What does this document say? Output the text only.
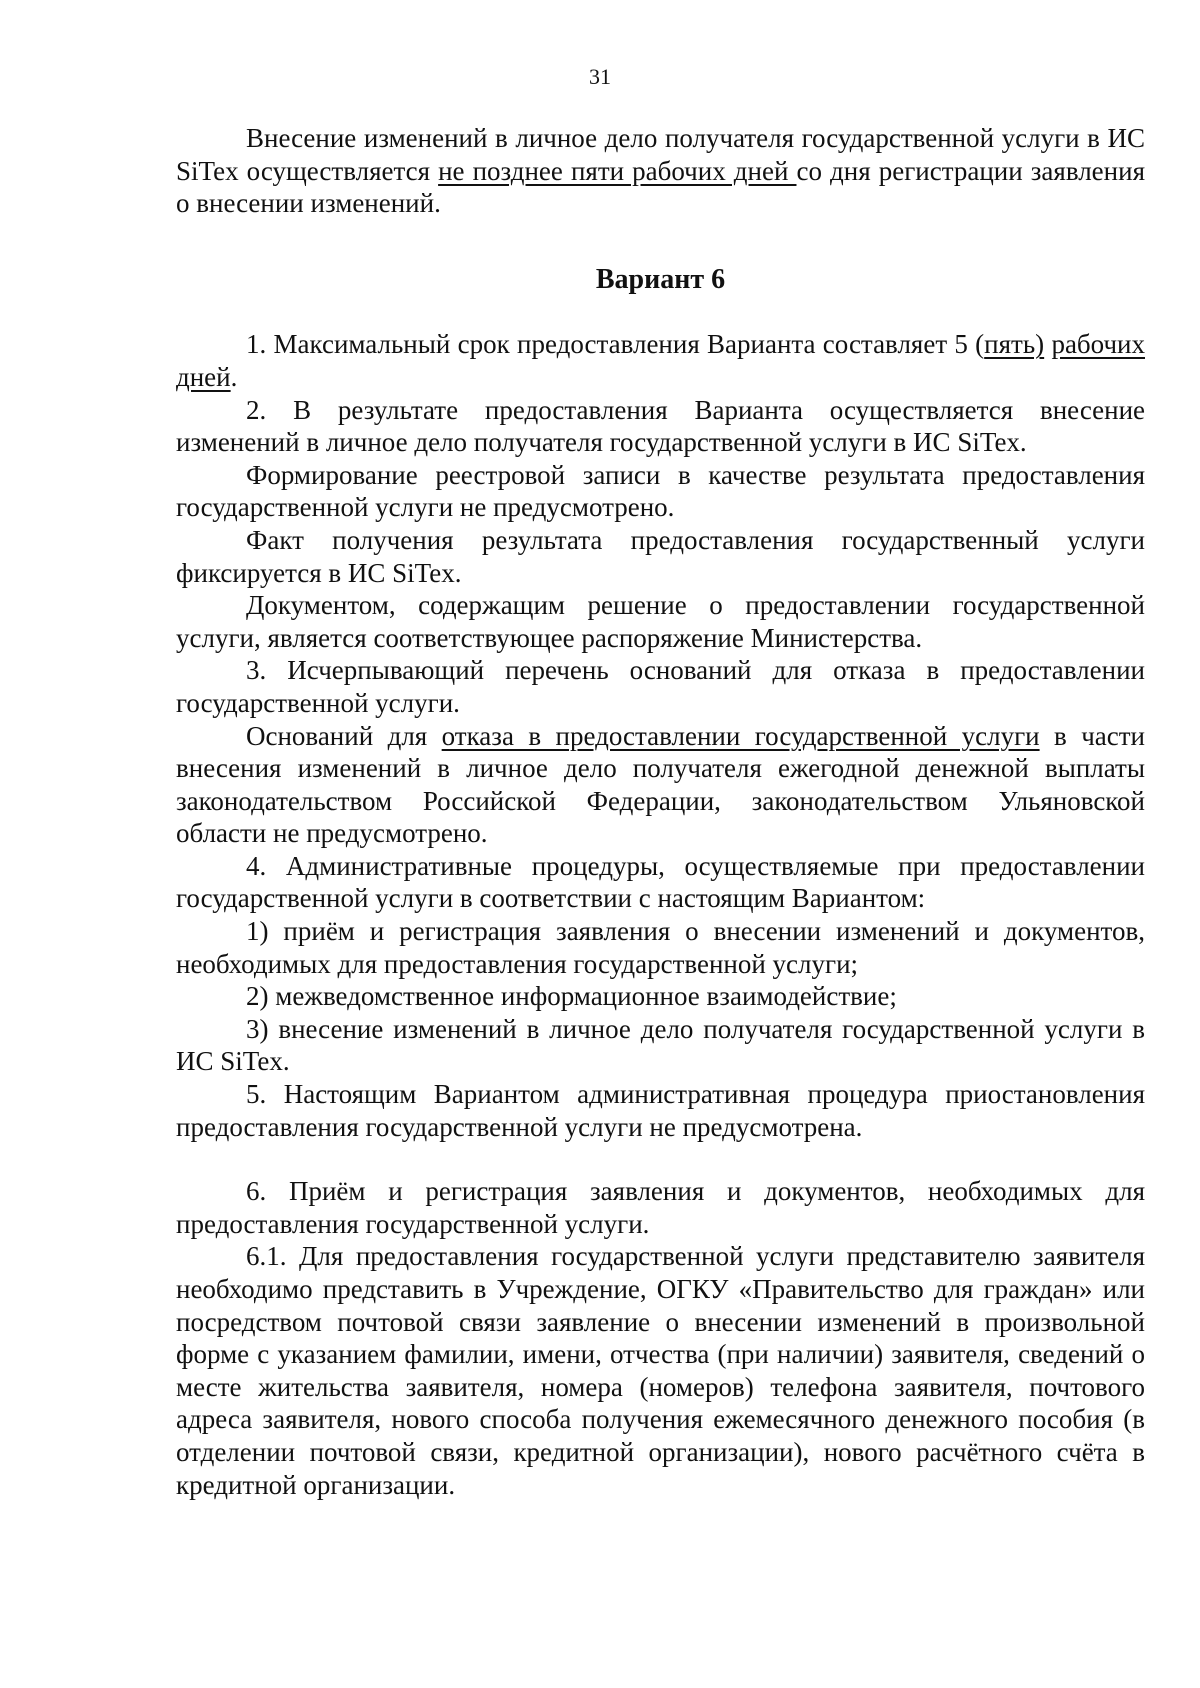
31

Внесение изменений в личное дело получателя государственной услуги в ИС SiTex осуществляется не позднее пяти рабочих дней со дня регистрации заявления о внесении изменений.

Вариант 6

1. Максимальный срок предоставления Варианта составляет 5 (пять) рабочих дней.

2. В результате предоставления Варианта осуществляется внесение изменений в личное дело получателя государственной услуги в ИС SiTex.

Формирование реестровой записи в качестве результата предоставления государственной услуги не предусмотрено.

Факт получения результата предоставления государственный услуги фиксируется в ИС SiTex.

Документом, содержащим решение о предоставлении государственной услуги, является соответствующее распоряжение Министерства.

3. Исчерпывающий перечень оснований для отказа в предоставлении государственной услуги.

Оснований для отказа в предоставлении государственной услуги в части внесения изменений в личное дело получателя ежегодной денежной выплаты законодательством Российской Федерации, законодательством Ульяновской области не предусмотрено.

4. Административные процедуры, осуществляемые при предоставлении государственной услуги в соответствии с настоящим Вариантом:

1) приём и регистрация заявления о внесении изменений и документов, необходимых для предоставления государственной услуги;

2) межведомственное информационное взаимодействие;

3) внесение изменений в личное дело получателя государственной услуги в ИС SiTex.

5. Настоящим Вариантом административная процедура приостановления предоставления государственной услуги не предусмотрена.

6. Приём и регистрация заявления и документов, необходимых для предоставления государственной услуги.

6.1. Для предоставления государственной услуги представителю заявителя необходимо представить в Учреждение, ОГКУ «Правительство для граждан» или посредством почтовой связи заявление о внесении изменений в произвольной форме с указанием фамилии, имени, отчества (при наличии) заявителя, сведений о месте жительства заявителя, номера (номеров) телефона заявителя, почтового адреса заявителя, нового способа получения ежемесячного денежного пособия (в отделении почтовой связи, кредитной организации), нового расчётного счёта в кредитной организации.
